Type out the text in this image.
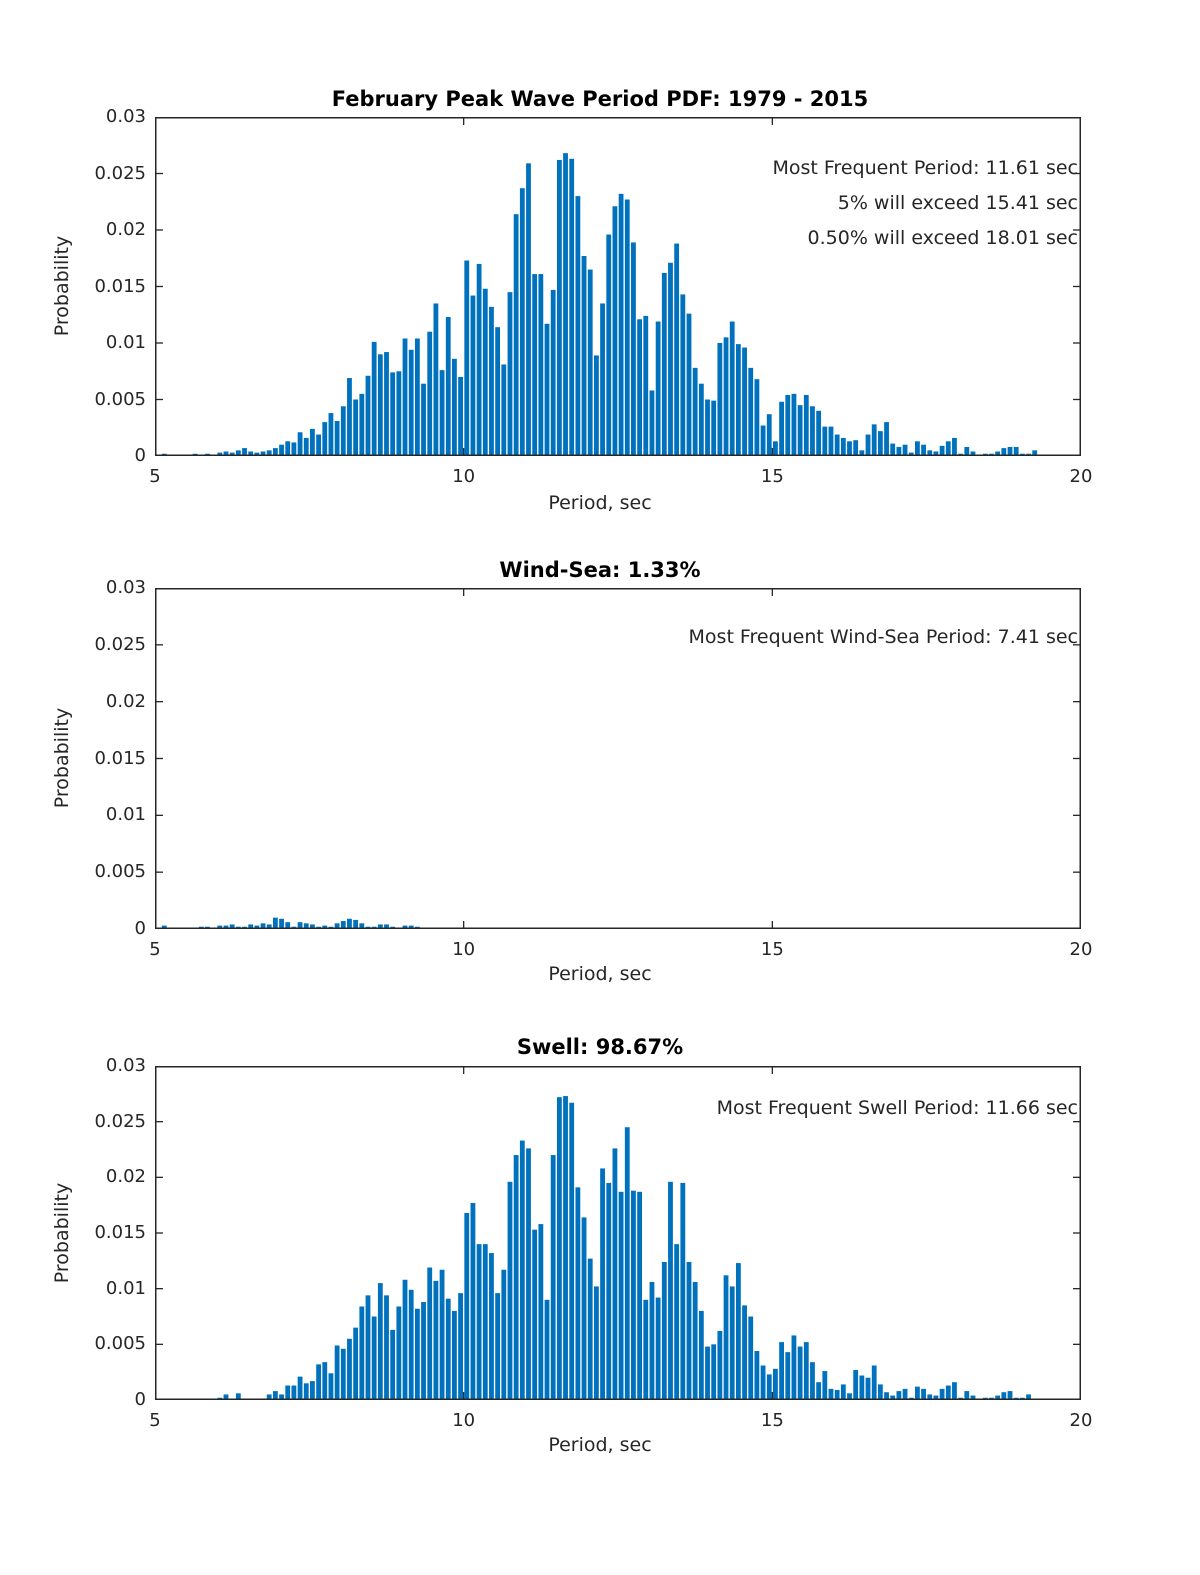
February Peak Wave Period PDF: 1979 - 2015
Probability
Period, sec
Most Frequent Period: 11.61 sec
5% will exceed 15.41 sec
0.50% will exceed 18.01 sec
5	10	15	20
0
0.005
0.01
0.015
0.02
0.025
0.03
Wind-Sea: 1.33%
Probability
Period, sec
Most Frequent Wind-Sea Period: 7.41 sec
5	10	15	20
0
0.005
0.01
0.015
0.02
0.025
0.03
Swell: 98.67%
Probability
Period, sec
Most Frequent Swell Period: 11.66 sec
5	10	15	20
0
0.005
0.01
0.015
0.02
0.025
0.03
